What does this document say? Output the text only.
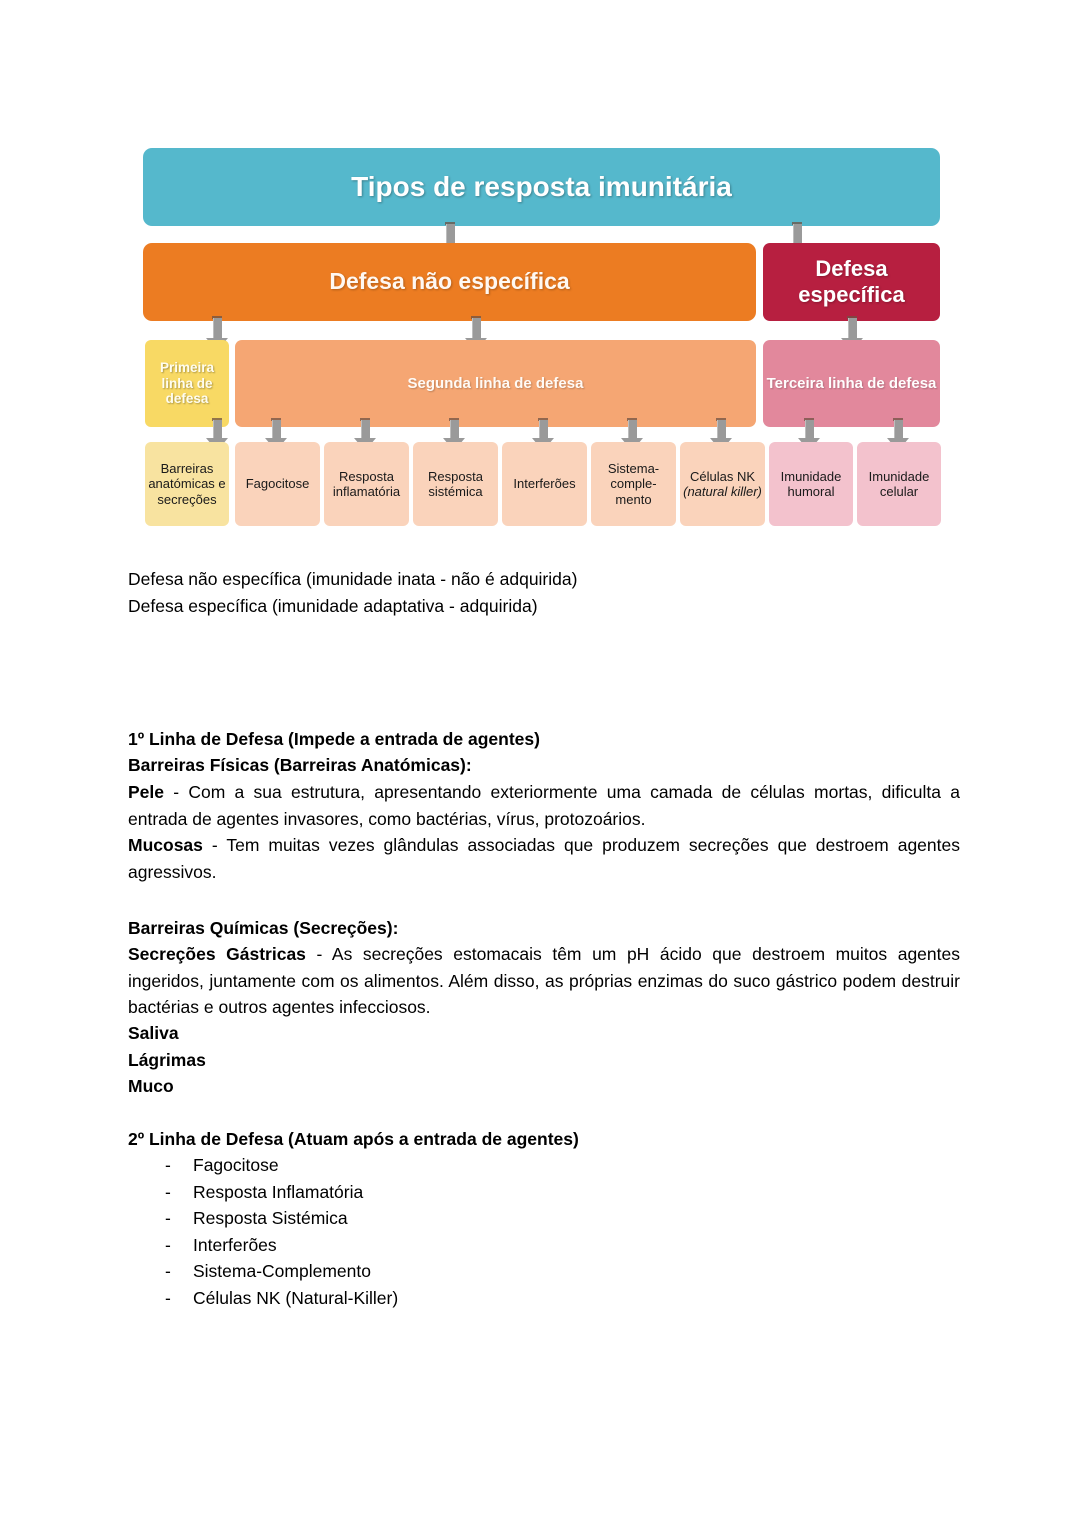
Tipos de resposta imunitária
Defesa não específica	Defesa específica
Primeira linha de defesa
Segunda linha de defesa	Terceira linha de defesa
Barreiras anatómicas e secreções
Fagocitose
Resposta inflamatória
Resposta sistémica
Interferões
Sistema-comple-mento
Células NK (natural killer)
Imunidade humoral
Imunidade celular
Defesa não específica (imunidade inata - não é adquirida)
Defesa específica (imunidade adaptativa - adquirida)
1º Linha de Defesa (Impede a entrada de agentes)
Barreiras Físicas (Barreiras Anatómicas):
Pele - Com a sua estrutura, apresentando exteriormente uma camada de células mortas, dificulta a entrada de agentes invasores, como bactérias, vírus, protozoários.
Mucosas - Tem muitas vezes glândulas associadas que produzem secreções que destroem agentes agressivos.
Barreiras Químicas (Secreções):
Secreções Gástricas - As secreções estomacais têm um pH ácido que destroem muitos agentes ingeridos, juntamente com os alimentos. Além disso, as próprias enzimas do suco gástrico podem destruir bactérias e outros agentes infecciosos.
Saliva
Lágrimas
Muco
2º Linha de Defesa (Atuam após a entrada de agentes)
- Fagocitose
- Resposta Inflamatória
- Resposta Sistémica
- Interferões
- Sistema-Complemento
- Células NK (Natural-Killer)
